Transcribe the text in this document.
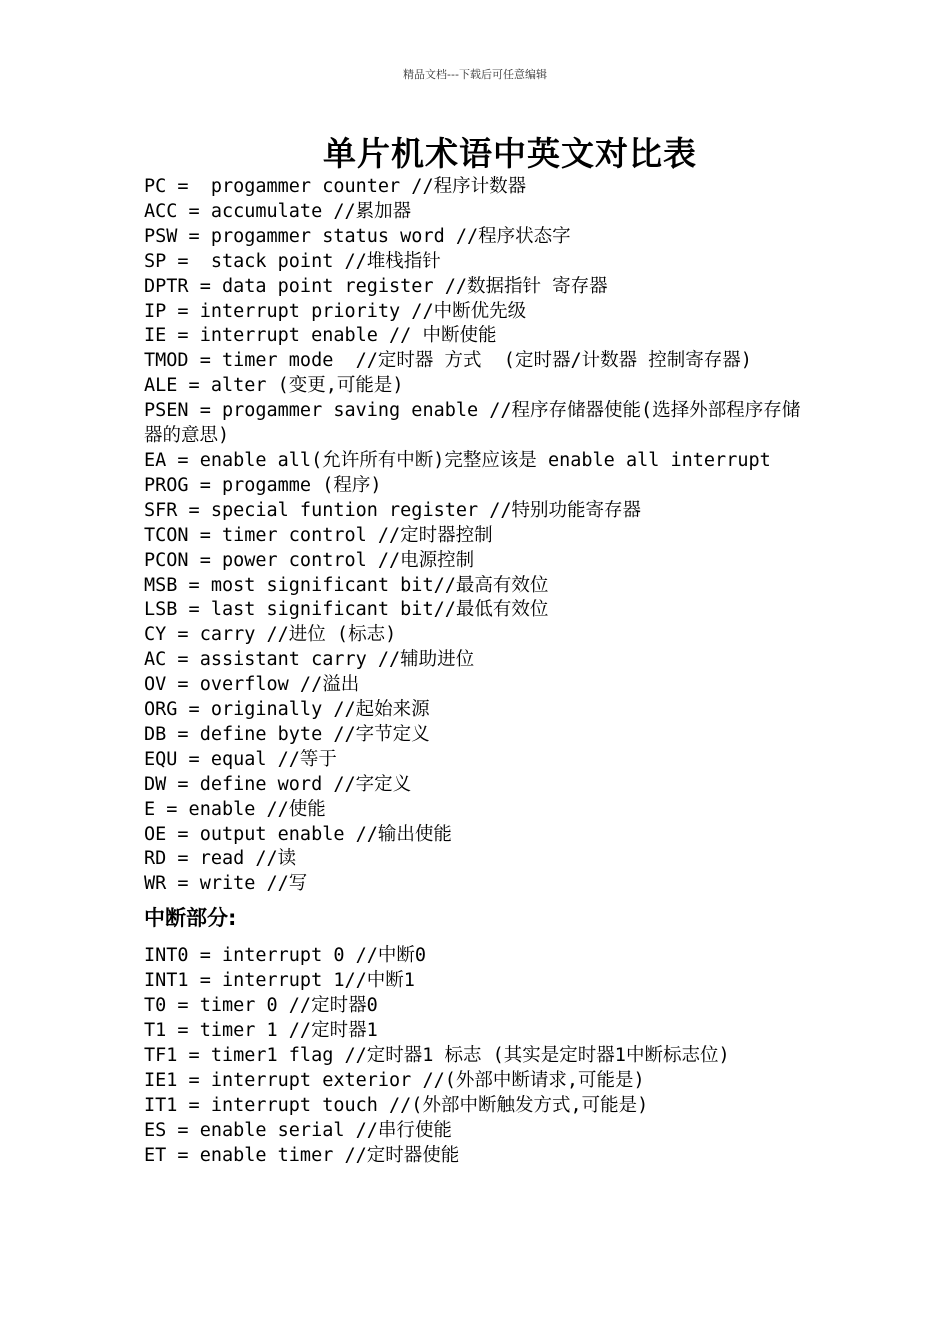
精品文档---下载后可任意编辑
单片机术语中英文对比表

PC =  progammer counter //程序计数器

ACC = accumulate //累加器

PSW = progammer status word //程序状态字

SP =  stack point //堆栈指针

DPTR = data point register //数据指针 寄存器

IP = interrupt priority //中断优先级

IE = interrupt enable // 中断使能

TMOD = timer mode  //定时器 方式  (定时器/计数器 控制寄存器)

ALE = alter (变更,可能是)

PSEN = progammer saving enable //程序存储器使能(选择外部程序存储器的意思)

EA = enable all(允许所有中断)完整应该是 enable all interrupt

PROG = progamme (程序)

SFR = special funtion register //特别功能寄存器

TCON = timer control //定时器控制

PCON = power control //电源控制

MSB = most significant bit//最高有效位

LSB = last significant bit//最低有效位

CY = carry //进位 (标志)

AC = assistant carry //辅助进位

OV = overflow //溢出

ORG = originally //起始来源

DB = define byte //字节定义

EQU = equal //等于

DW = define word //字定义

E = enable //使能

OE = output enable //输出使能

RD = read //读

WR = write //写

中断部分:

INT0 = interrupt 0 //中断0

INT1 = interrupt 1//中断1

T0 = timer 0 //定时器0

T1 = timer 1 //定时器1

TF1 = timer1 flag //定时器1 标志 (其实是定时器1中断标志位)

IE1 = interrupt exterior //(外部中断请求,可能是)

IT1 = interrupt touch //(外部中断触发方式,可能是)

ES = enable serial //串行使能

ET = enable timer //定时器使能
